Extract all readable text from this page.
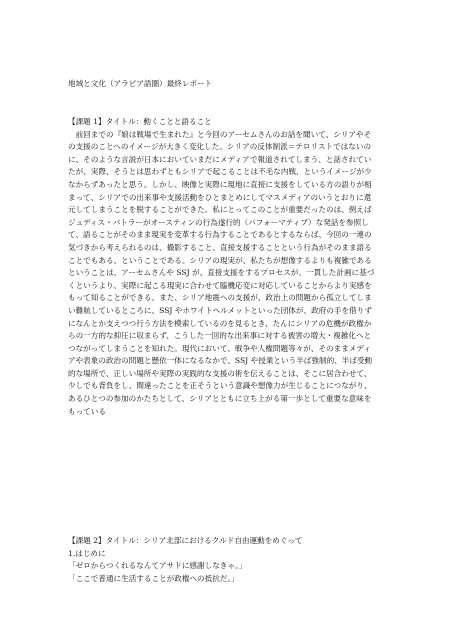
地域と文化（アラビア語圏）最終レポート
【課題 1】タイトル：動くことと語ること
　前回までの『娘は戦場で生まれた』と今回のアーセムさんのお話を聞いて、シリアやそ
の支援のことへのイメージが大きく変化した。シリアの反体制派＝テロリストではないの
に、そのような言説が日本においていまだにメディアで報道されてしまう、と話されてい
たが、実際、そうとは思わずともシリアで起こることは不毛な内戦、というイメージが少
なからずあったと思う。しかし、映像と実際に現地に直接に支援をしている方の語りが相
まって、シリアでの出来事や支援活動をひとまとめにしてマスメディアのいうとおりに還
元してしまうことを脱することができた。私にとってこのことが重要だったのは、例えば
ジュディス・バトラーがオースティンの行為遂行的（パフォーマティブ）な発話を参照し
て、語ることがそのまま現実を変革する行為することであるとするならば、今回の一連の
気づきから考えられるのは、撮影すること、直接支援することという行為がそのまま語る
ことでもある、ということである。シリアの現実が、私たちが想像するよりも複雑である
ということは、アーセムさんや SSJ が、直接支援をするプロセスが、一貫した計画に基づ
くというより、実際に起こる現実に合わせて臨機応変に対応していることからより実感を
もって知ることができる。また、シリア地震への支援が、政治上の問題から孤立してしま
い難航しているところに、SSJ やホワイトヘルメットといった団体が、政府の手を借りず
になんとか支えつつ行う方法を模索しているのを見るとき、たんにシリアの危機が政権か
らの一方的な抑圧に収まらず、こうした一回的な出来事に対する被害の増大・複雑化へと
つながってしまうことを知れた。現代において、戦争や人権問題等々が、そのままメディ
アや表象の政治の問題と懸依一体になるなかで、SSJ や授業という半ば強制的、半ば受動
的な場所で、正しい場所や実際の実践的な支援の術を伝えることは、そこに居合わせて、
少しでも背負をし、間違ったことを正そうという意識や想像力が生じることにつながり、
あるひとつの参加のかたちとして、シリアとともに立ち上がる第一歩として重要な意味を
もっている
【課題 2】タイトル：シリア北部におけるクルド自由運動をめぐって
1.はじめに
「ゼロからつくれるなんてアサドに感謝しなきゃ。」
「ここで普通に生活することが政権への抵抗だ。」
